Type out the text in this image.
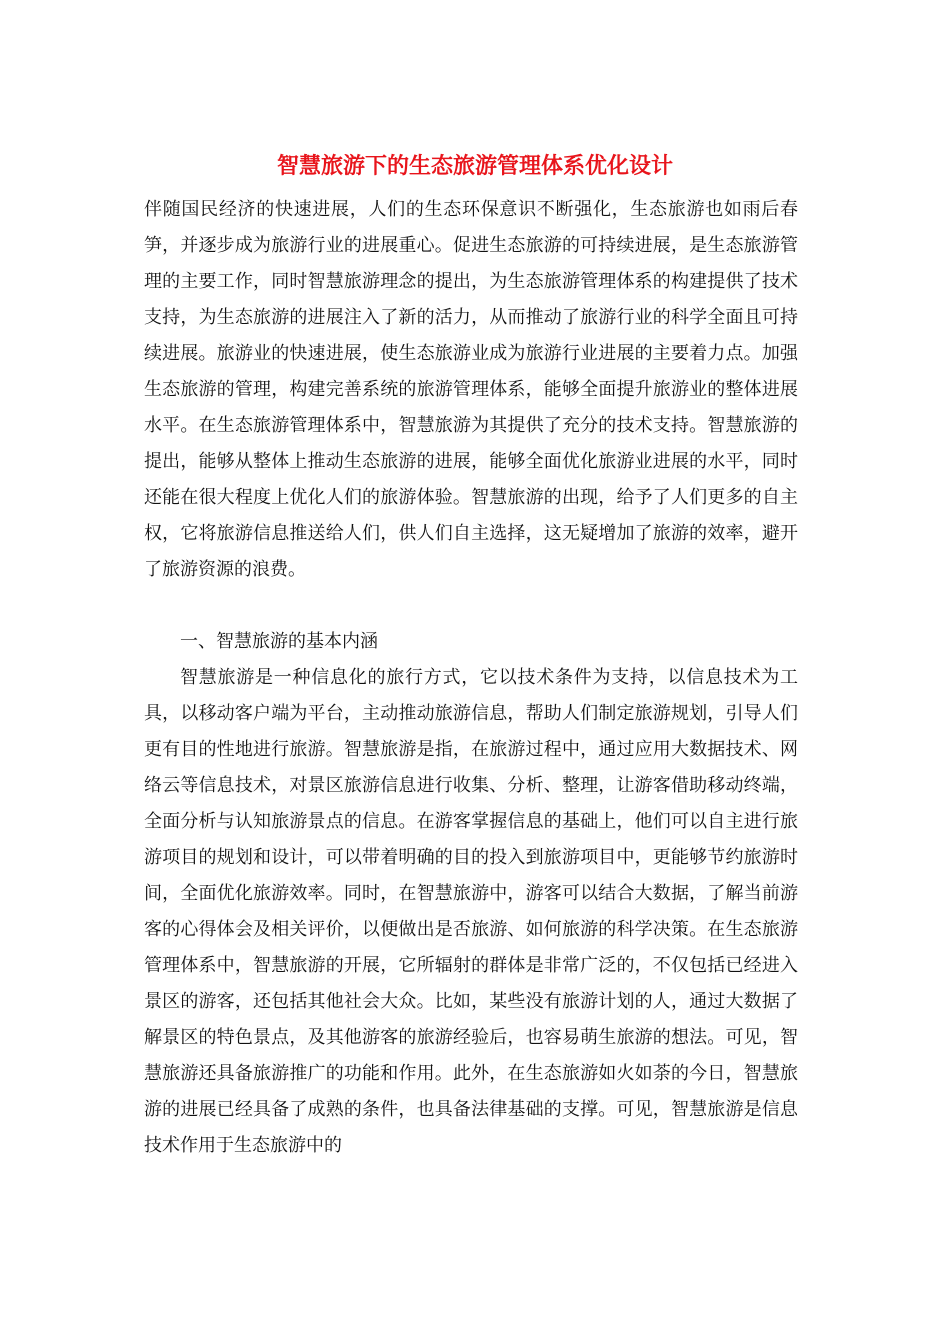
智慧旅游下的生态旅游管理体系优化设计

伴随国民经济的快速进展，人们的生态环保意识不断强化，生态旅游也如雨后春笋，并逐步成为旅游行业的进展重心。促进生态旅游的可持续进展，是生态旅游管理的主要工作，同时智慧旅游理念的提出，为生态旅游管理体系的构建提供了技术支持，为生态旅游的进展注入了新的活力，从而推动了旅游行业的科学全面且可持续进展。旅游业的快速进展，使生态旅游业成为旅游行业进展的主要着力点。加强生态旅游的管理，构建完善系统的旅游管理体系，能够全面提升旅游业的整体进展水平。在生态旅游管理体系中，智慧旅游为其提供了充分的技术支持。智慧旅游的提出，能够从整体上推动生态旅游的进展，能够全面优化旅游业进展的水平，同时还能在很大程度上优化人们的旅游体验。智慧旅游的出现，给予了人们更多的自主权，它将旅游信息推送给人们，供人们自主选择，这无疑增加了旅游的效率，避开了旅游资源的浪费。

一、智慧旅游的基本内涵

智慧旅游是一种信息化的旅行方式，它以技术条件为支持，以信息技术为工具，以移动客户端为平台，主动推动旅游信息，帮助人们制定旅游规划，引导人们更有目的性地进行旅游。智慧旅游是指，在旅游过程中，通过应用大数据技术、网络云等信息技术，对景区旅游信息进行收集、分析、整理，让游客借助移动终端，全面分析与认知旅游景点的信息。在游客掌握信息的基础上，他们可以自主进行旅游项目的规划和设计，可以带着明确的目的投入到旅游项目中，更能够节约旅游时间，全面优化旅游效率。同时，在智慧旅游中，游客可以结合大数据，了解当前游客的心得体会及相关评价，以便做出是否旅游、如何旅游的科学决策。在生态旅游管理体系中，智慧旅游的开展，它所辐射的群体是非常广泛的，不仅包括已经进入景区的游客，还包括其他社会大众。比如，某些没有旅游计划的人，通过大数据了解景区的特色景点，及其他游客的旅游经验后，也容易萌生旅游的想法。可见，智慧旅游还具备旅游推广的功能和作用。此外，在生态旅游如火如荼的今日，智慧旅游的进展已经具备了成熟的条件，也具备法律基础的支撑。可见，智慧旅游是信息技术作用于生态旅游中的
